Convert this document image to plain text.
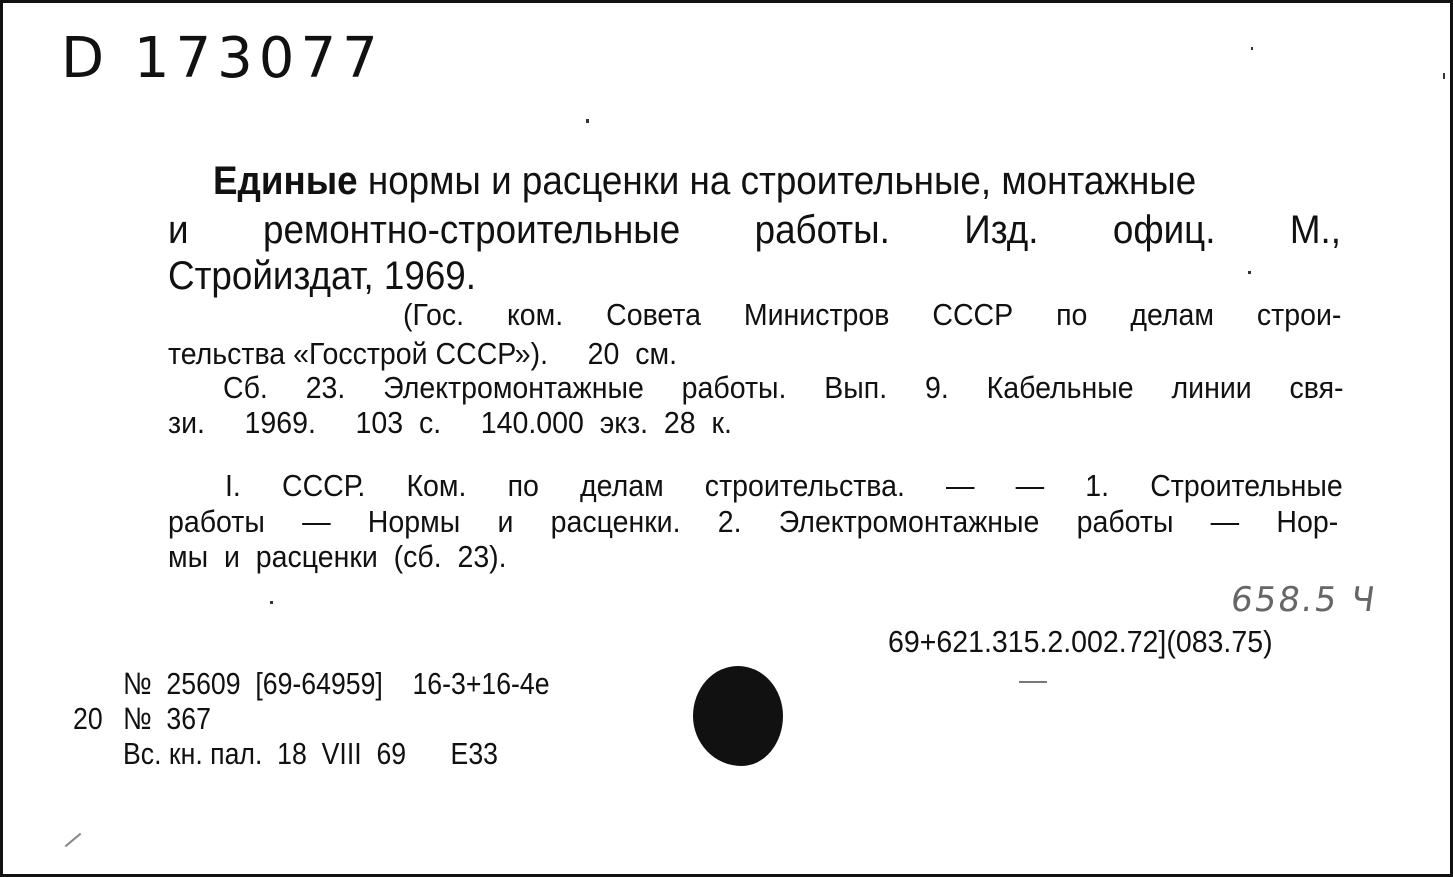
D 173077
Единые нормы и расценки на строительные, монтажные
и ремонтно-строительные работы. Изд. офиц. М.,
Стройиздат, 1969.
(Гос. ком. Совета Министров СССР по делам строи-
тельства «Госстрой СССР»).     20  см.
Сб. 23. Электромонтажные работы. Вып. 9. Кабельные линии свя-
зи.     1969.     103  с.     140.000  экз.  28  к.
I. СССР. Ком. по делам строительства. — — 1. Строительные
работы — Нормы и расценки. 2. Электромонтажные работы — Нор-
мы  и  расценки  (сб.  23).
658.5 Ч
69+621.315.2.002.72](083.75)
№  25609  [69-64959]    16-3+16-4е
20 №  367
Вс. кн. пал.  18  VIII  69      Е33
